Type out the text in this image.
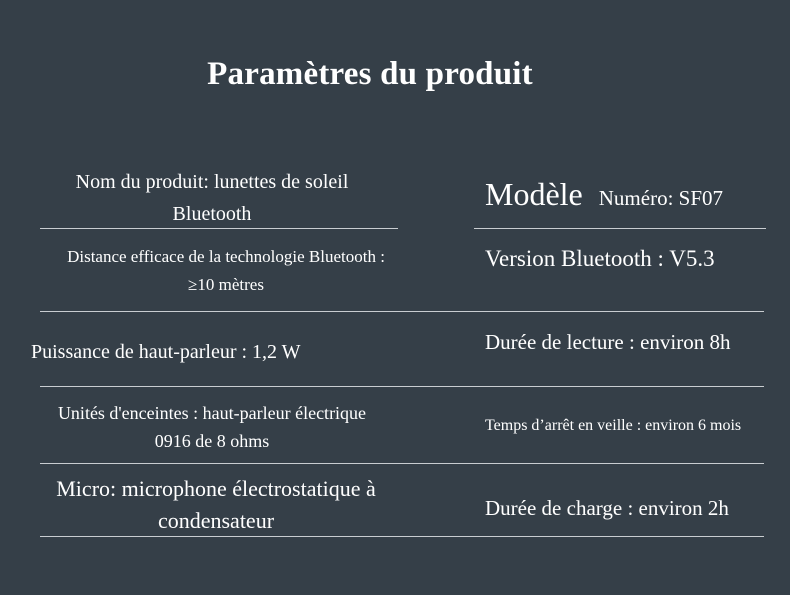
Paramètres du produit
Nom du produit: lunettes de soleil
Bluetooth
Modèle Numéro: SF07
Distance efficace de la technologie Bluetooth :
≥10 mètres
Version Bluetooth : V5.3
Puissance de haut-parleur : 1,2 W	Durée de lecture : environ 8h
Unités d'enceintes : haut-parleur électrique
0916 de 8 ohms
Temps d’arrêt en veille : environ 6 mois
Micro: microphone électrostatique à
condensateur	Durée de charge : environ 2h
